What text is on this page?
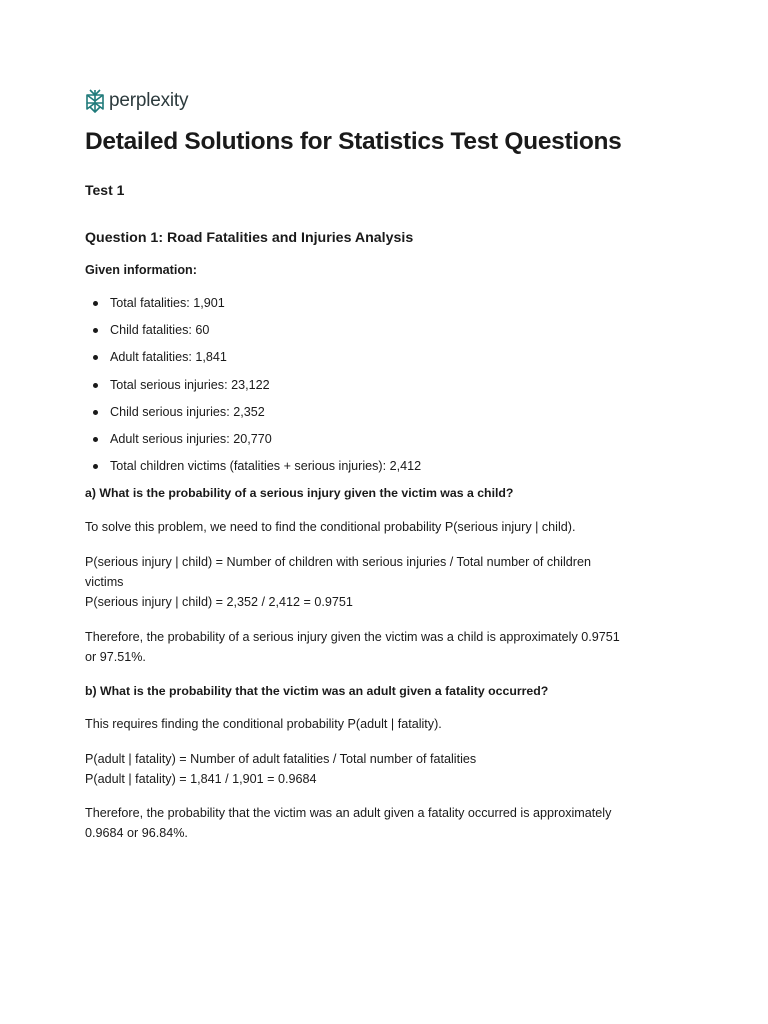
perplexity
Detailed Solutions for Statistics Test Questions
Test 1
Question 1: Road Fatalities and Injuries Analysis

Given information:

Total fatalities: 1,901
Child fatalities: 60
Adult fatalities: 1,841
Total serious injuries: 23,122
Child serious injuries: 2,352
Adult serious injuries: 20,770
Total children victims (fatalities + serious injuries): 2,412

a) What is the probability of a serious injury given the victim was a child?

To solve this problem, we need to find the conditional probability P(serious injury | child).

P(serious injury | child) = Number of children with serious injuries / Total number of children
victims
P(serious injury | child) = 2,352 / 2,412 = 0.9751

Therefore, the probability of a serious injury given the victim was a child is approximately 0.9751
or 97.51%.

b) What is the probability that the victim was an adult given a fatality occurred?

This requires finding the conditional probability P(adult | fatality).

P(adult | fatality) = Number of adult fatalities / Total number of fatalities
P(adult | fatality) = 1,841 / 1,901 = 0.9684

Therefore, the probability that the victim was an adult given a fatality occurred is approximately
0.9684 or 96.84%.
